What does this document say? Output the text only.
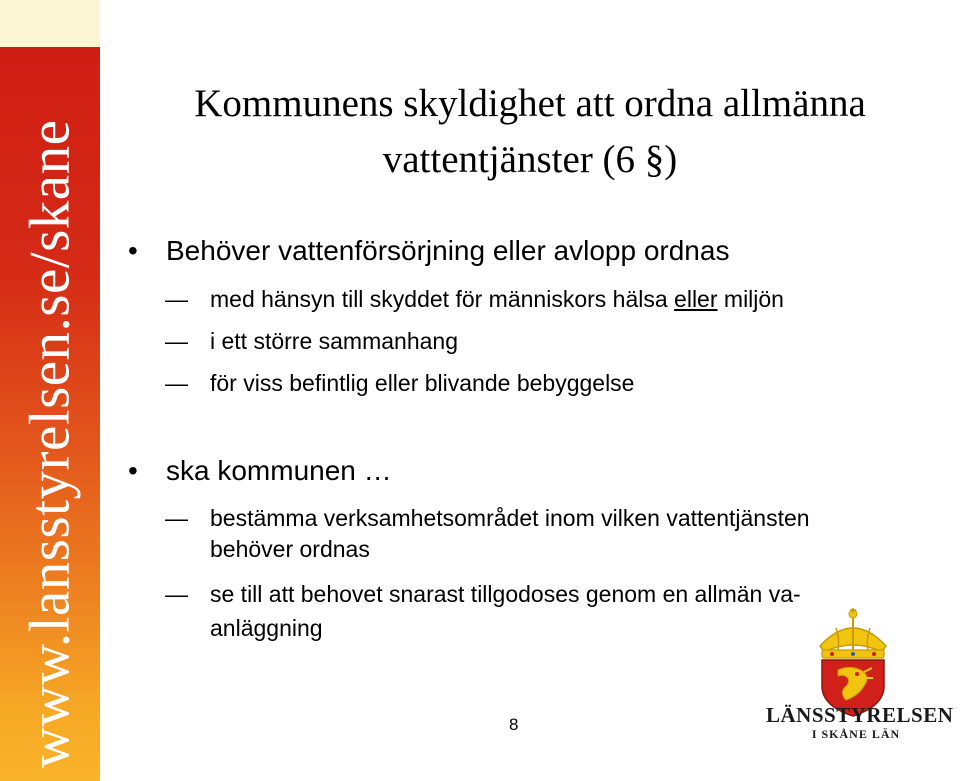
www.lansstyrelsen.se/skane
Kommunens skyldighet att ordna allmänna
vattentjänster (6 §)
• Behöver vattenförsörjning eller avlopp ordnas
— med hänsyn till skyddet för människors hälsa eller miljön
— i ett större sammanhang
— för viss befintlig eller blivande bebyggelse
• ska kommunen …
— bestämma verksamhetsområdet inom vilken vattentjänsten
behöver ordnas
— se till att behovet snarast tillgodoses genom en allmän va-
anläggning
8	LÄNSSTYRELSEN
I SKÅNE LÄN
